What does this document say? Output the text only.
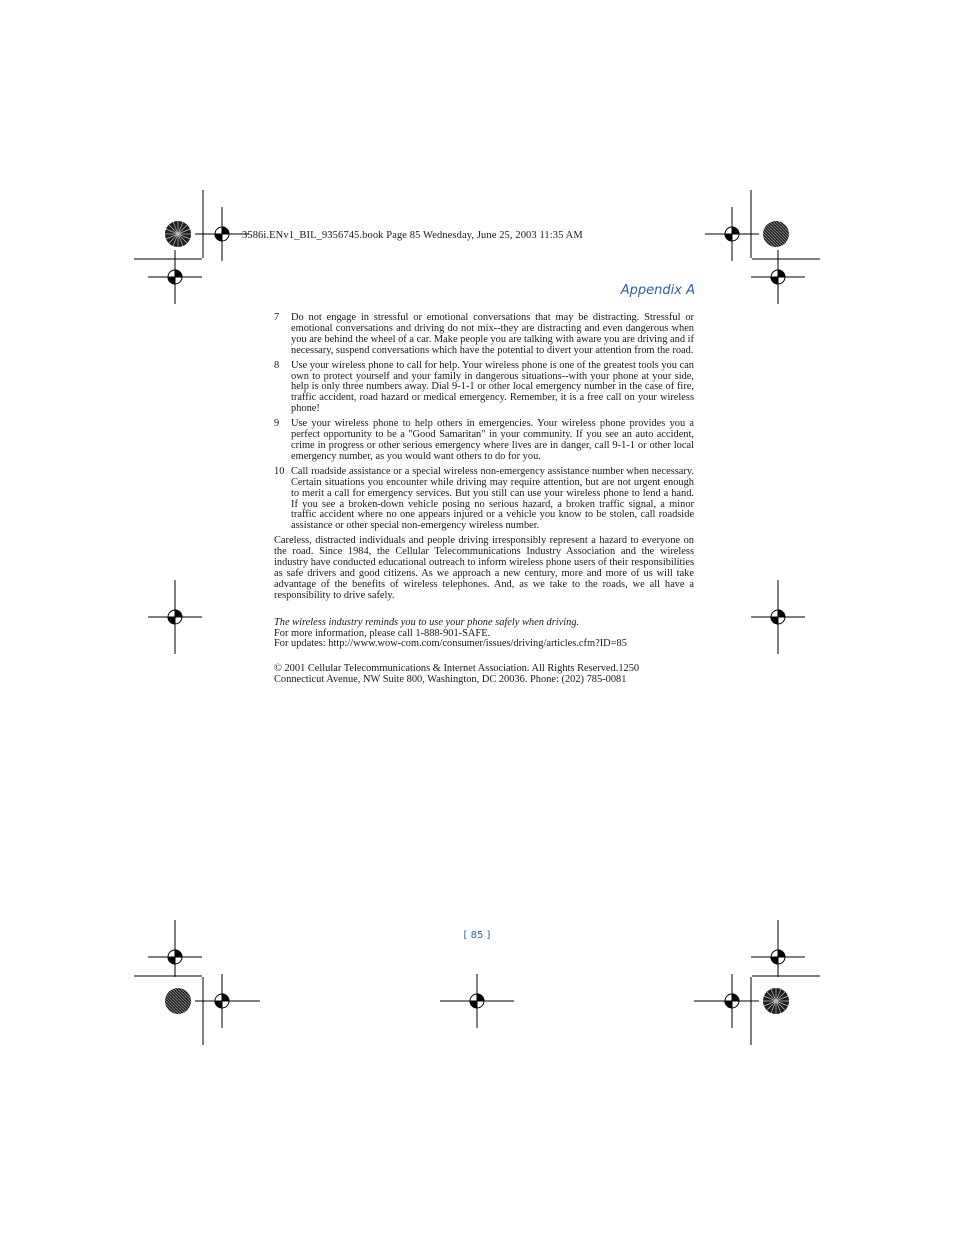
3586i.ENv1_BIL_9356745.book Page 85 Wednesday, June 25, 2003 11:35 AM
Appendix A
7 Do not engage in stressful or emotional conversations that may be distracting. Stressful or emotional conversations and driving do not mix--they are distracting and even dangerous when you are behind the wheel of a car. Make people you are talking with aware you are driving and if necessary, suspend conversations which have the potential to divert your attention from the road.
8 Use your wireless phone to call for help. Your wireless phone is one of the greatest tools you can own to protect yourself and your family in dangerous situations--with your phone at your side, help is only three numbers away. Dial 9-1-1 or other local emergency number in the case of fire, traffic accident, road hazard or medical emergency. Remember, it is a free call on your wireless phone!
9 Use your wireless phone to help others in emergencies. Your wireless phone provides you a perfect opportunity to be a "Good Samaritan" in your community. If you see an auto accident, crime in progress or other serious emergency where lives are in danger, call 9-1-1 or other local emergency number, as you would want others to do for you.
10 Call roadside assistance or a special wireless non-emergency assistance number when necessary. Certain situations you encounter while driving may require attention, but are not urgent enough to merit a call for emergency services. But you still can use your wireless phone to lend a hand. If you see a broken-down vehicle posing no serious hazard, a broken traffic signal, a minor traffic accident where no one appears injured or a vehicle you know to be stolen, call roadside assistance or other special non-emergency wireless number.

Careless, distracted individuals and people driving irresponsibly represent a hazard to everyone on the road. Since 1984, the Cellular Telecommunications Industry Association and the wireless industry have conducted educational outreach to inform wireless phone users of their responsibilities as safe drivers and good citizens. As we approach a new century, more and more of us will take advantage of the benefits of wireless telephones. And, as we take to the roads, we all have a responsibility to drive safely.

The wireless industry reminds you to use your phone safely when driving.

For more information, please call 1-888-901-SAFE.

For updates: http://www.wow-com.com/consumer/issues/driving/articles.cfm?ID=85

© 2001 Cellular Telecommunications & Internet Association. All Rights Reserved.1250

Connecticut Avenue, NW Suite 800, Washington, DC 20036. Phone: (202) 785-0081

[ 85 ]
